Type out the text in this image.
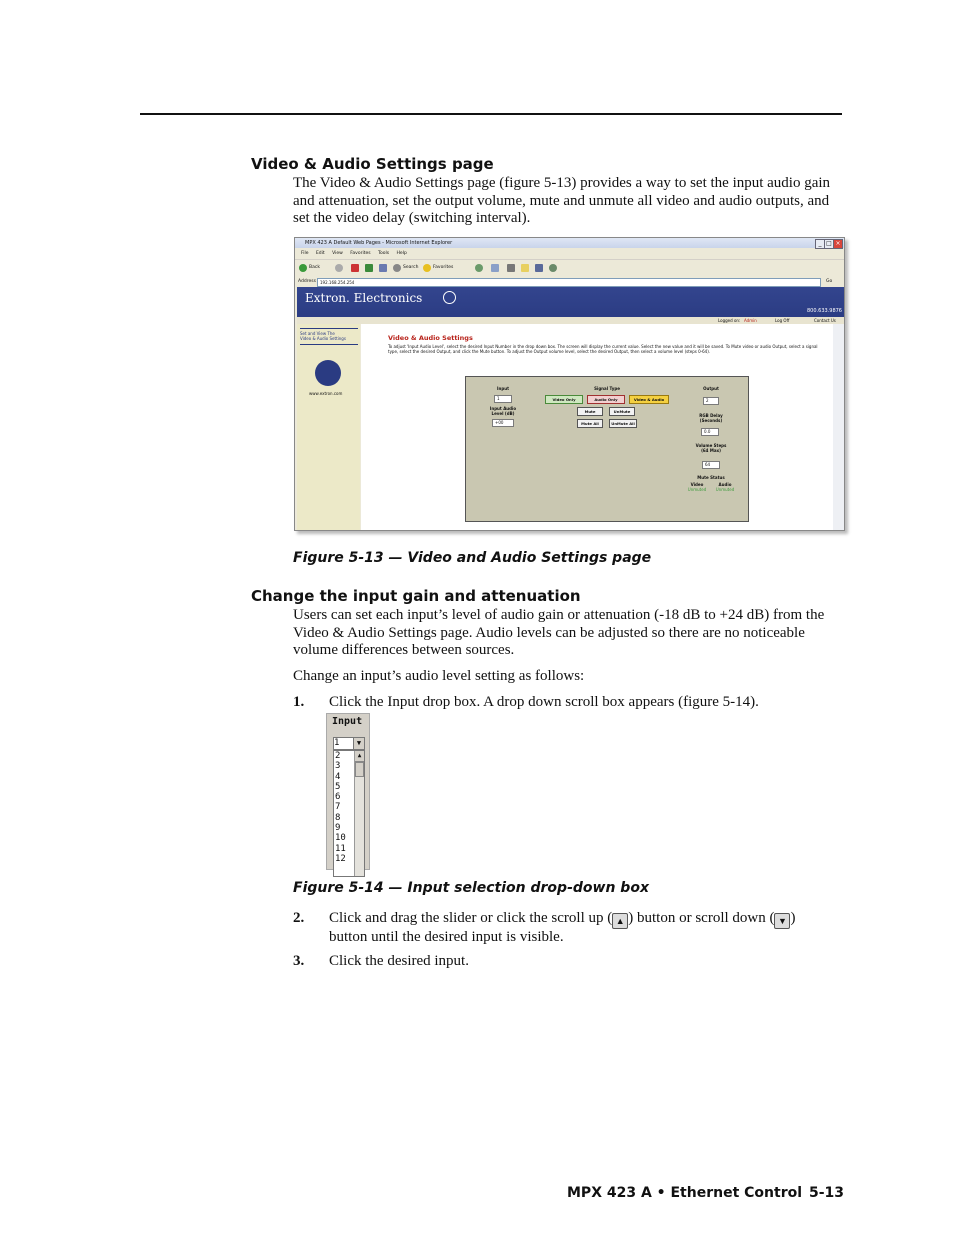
Video & Audio Settings page
The Video & Audio Settings page (figure 5-13) provides a way to set the input audio gain and attenuation, set the output volume, mute and unmute all video and audio outputs, and set the video delay (switching interval).
MPX 423 A Default Web Pages - Microsoft Internet Explorer	_ □ ×
File Edit View Favorites Tools Help
Back	Search	Favorites
Address	192.168.254.254	Go
Extron. Electronics
800.633.9876
Logged on: Admin	Log Off	Contact Us
Set and View The
Video & Audio Settings
www.extron.com
Video & Audio Settings
To adjust 'Input Audio Level', select the desired Input Number in the drop down box. The screen will display the current value. Select the new value and it will be saved. To Mute video or audio Output, select a signal type, select the desired Output, and click the Mute button. To adjust the Output volume level, select the desired Output, then select a volume level (steps 0-64).
Input
1
Input Audio Level (dB)
+00
Signal Type
Video Only	Audio Only	Video & Audio
Mute	UnMute
Mute All	UnMute All
Output
2
RGB Delay (Seconds)
0.0
Volume Steps (64 Max)
64
Mute Status
Video	Audio
Unmuted	Unmuted
Figure 5-13 — Video and Audio Settings page
Change the input gain and attenuation
Users can set each input’s level of audio gain or attenuation (-18 dB to +24 dB) from the Video & Audio Settings page. Audio levels can be adjusted so there are no noticeable volume differences between sources.
Change an input’s audio level setting as follows:
1. Click the Input drop box. A drop down scroll box appears (figure 5-14).
Input
1	▼
2
3
4
5
6
7
8
9
10
11
12
▲
Figure 5-14 — Input selection drop-down box
2. Click and drag the slider or click the scroll up ( ▲ ) button or scroll down ( ▼ )
button until the desired input is visible.
3. Click the desired input.
MPX 423 A • Ethernet Control 5-13
